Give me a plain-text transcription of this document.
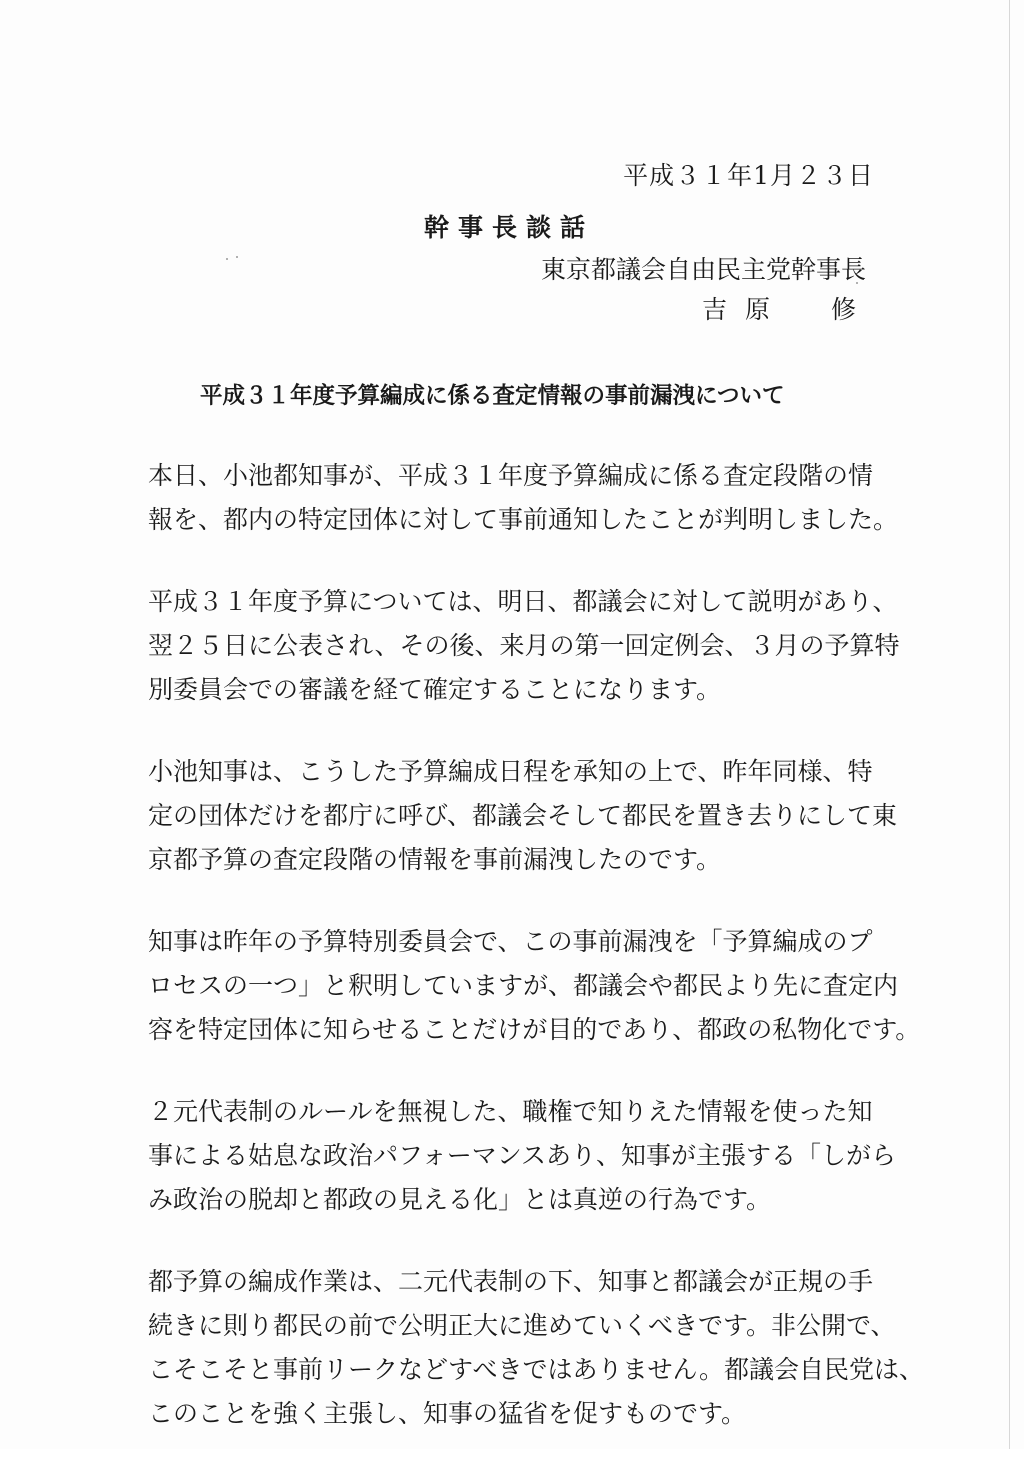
平成３１年1月２３日
幹事長談話
東京都議会自由民主党幹事長
吉原　修
平成３１年度予算編成に係る査定情報の事前漏洩について

本日、小池都知事が、平成３１年度予算編成に係る査定段階の情
報を、都内の特定団体に対して事前通知したことが判明しました。

平成３１年度予算については、明日、都議会に対して説明があり、
翌２５日に公表され、その後、来月の第一回定例会、３月の予算特
別委員会での審議を経て確定することになります。

小池知事は、こうした予算編成日程を承知の上で、昨年同様、特
定の団体だけを都庁に呼び、都議会そして都民を置き去りにして東
京都予算の査定段階の情報を事前漏洩したのです。

知事は昨年の予算特別委員会で、この事前漏洩を「予算編成のプ
ロセスの一つ」と釈明していますが、都議会や都民より先に査定内
容を特定団体に知らせることだけが目的であり、都政の私物化です。

２元代表制のルールを無視した、職権で知りえた情報を使った知
事による姑息な政治パフォーマンスあり、知事が主張する「しがら
み政治の脱却と都政の見える化」とは真逆の行為です。

都予算の編成作業は、二元代表制の下、知事と都議会が正規の手
続きに則り都民の前で公明正大に進めていくべきです。非公開で、
こそこそと事前リークなどすべきではありません。都議会自民党は、
このことを強く主張し、知事の猛省を促すものです。
